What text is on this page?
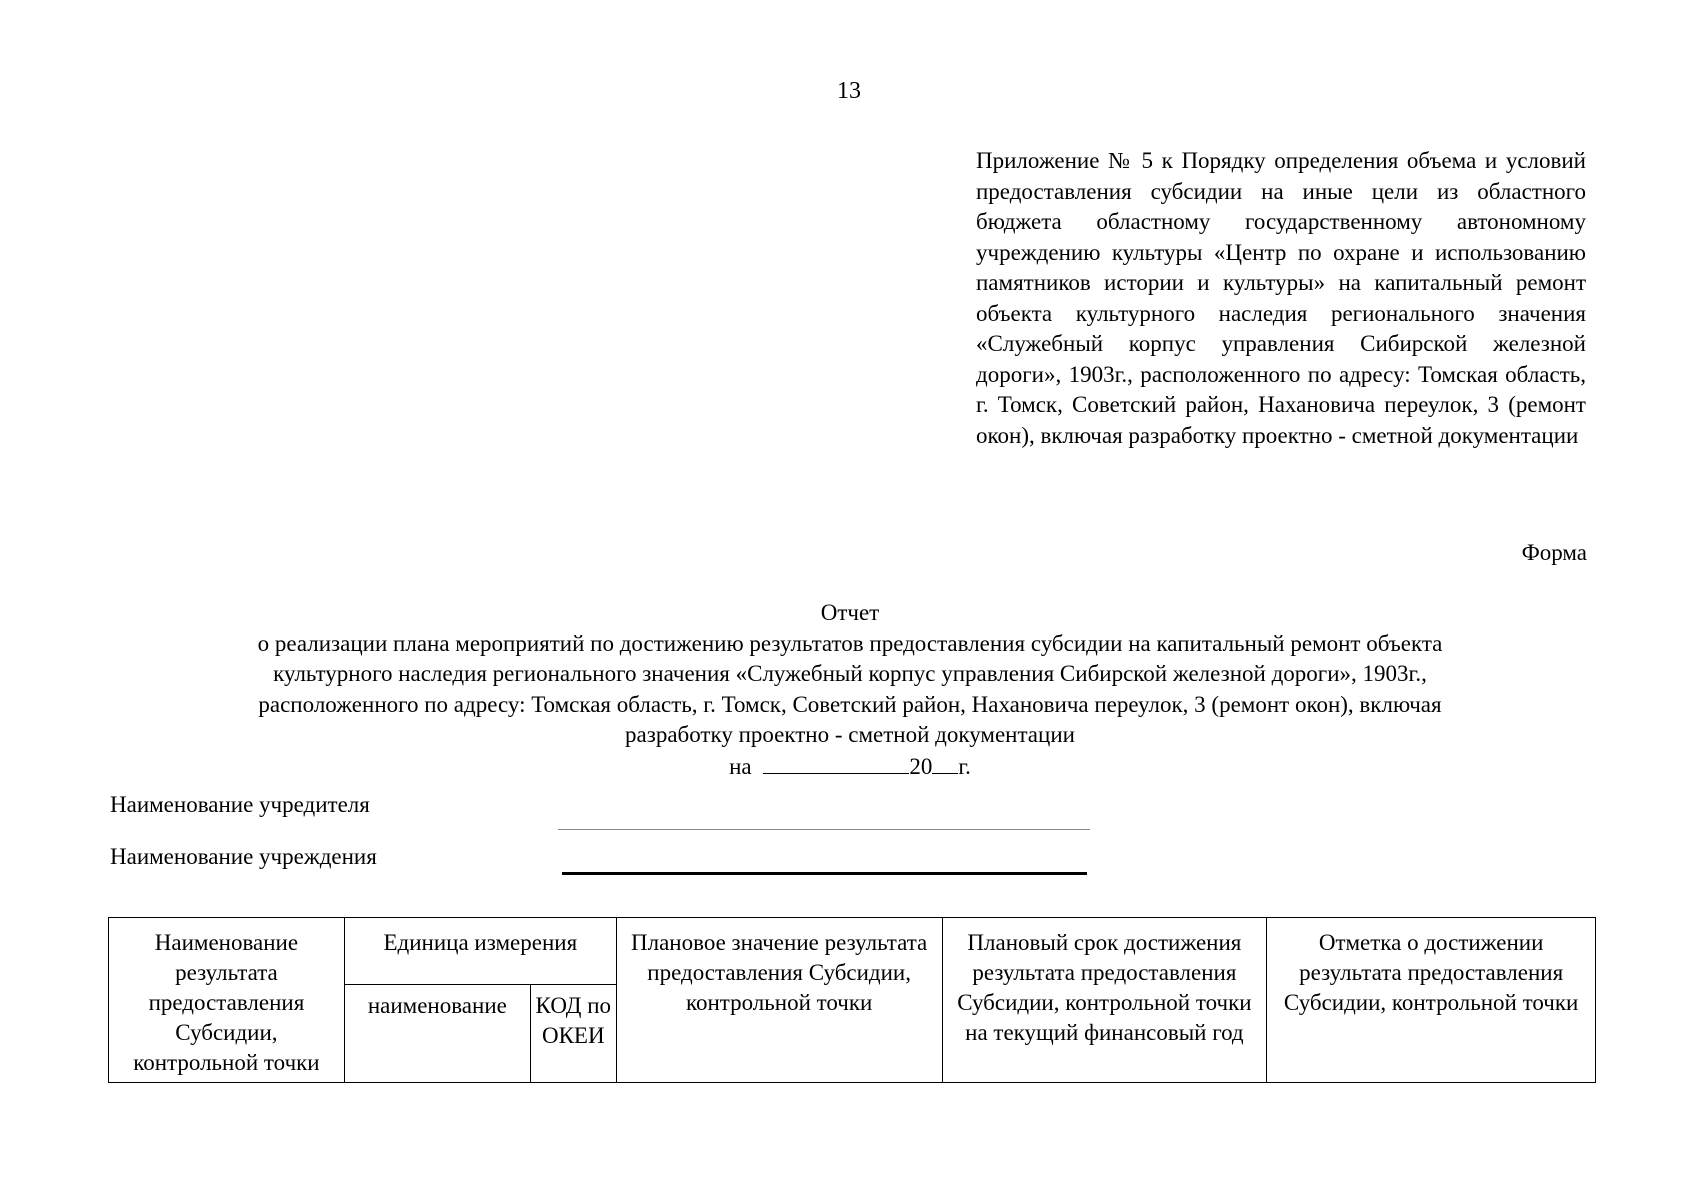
13
Приложение № 5 к Порядку определения объема и условий предоставления субсидии на иные цели из областного бюджета областному государственному автономному учреждению культуры «Центр по охране и использованию памятников истории и культуры» на капитальный ремонт объекта культурного наследия регионального значения «Служебный корпус управления Сибирской железной дороги», 1903г., расположенного по адресу: Томская область, г. Томск, Советский район, Нахановича переулок, 3 (ремонт окон), включая разработку проектно - сметной документации
Форма
Отчет
о реализации плана мероприятий по достижению результатов предоставления субсидии на капитальный ремонт объекта
культурного наследия регионального значения «Служебный корпус управления Сибирской железной дороги», 1903г.,
расположенного по адресу: Томская область, г. Томск, Советский район, Нахановича переулок, 3 (ремонт окон), включая
разработку проектно - сметной документации
на	20 г.
Наименование учредителя
Наименование учреждения
Наименование результата предоставления Субсидии, контрольной точки	Единица измерения		Плановое значение результата предоставления Субсидии, контрольной точки	Плановый срок достижения результата предоставления Субсидии, контрольной точки на текущий финансовый год	Отметка о достижении результата предоставления Субсидии, контрольной точки
	наименование	КОД по ОКЕИ			
